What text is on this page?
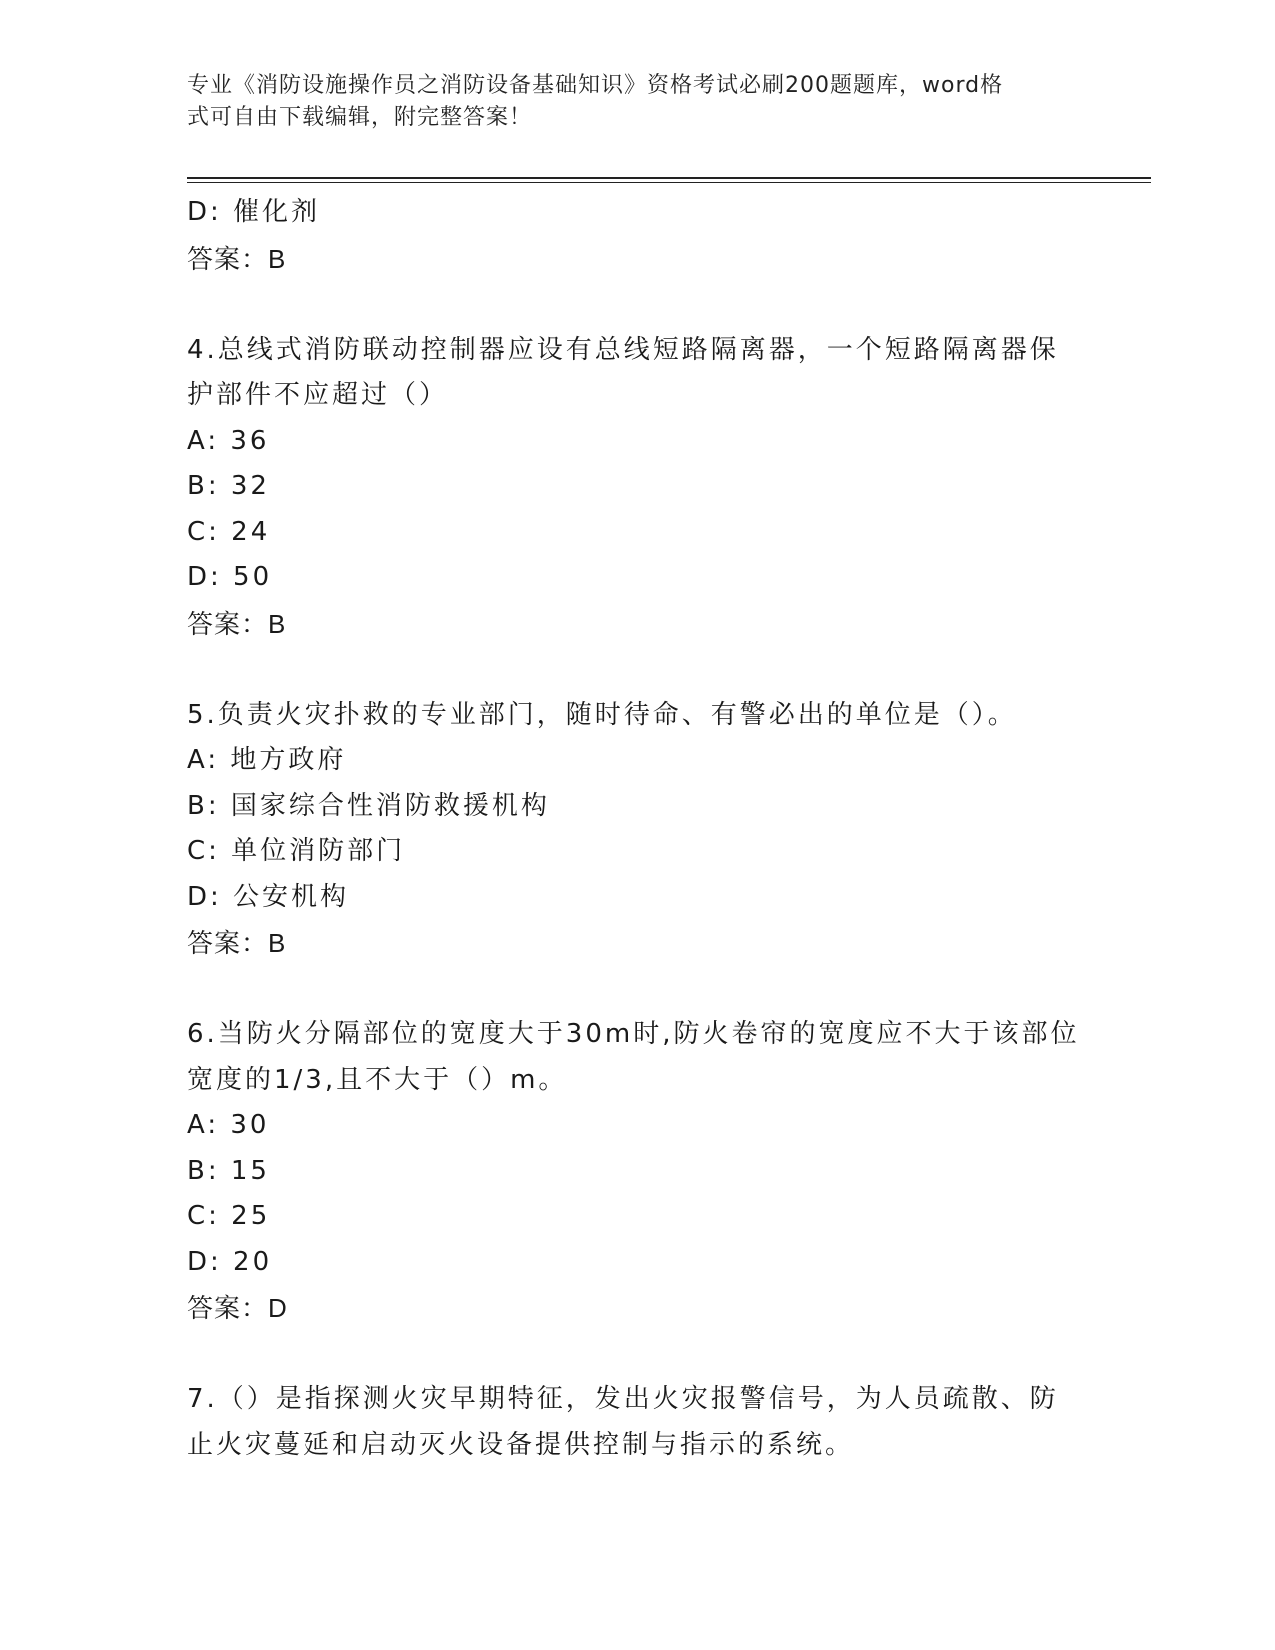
专业《消防设施操作员之消防设备基础知识》资格考试必刷200题题库，word格
式可自由下载编辑，附完整答案！
D: 催化剂
答案：B
4.总线式消防联动控制器应设有总线短路隔离器，一个短路隔离器保
护部件不应超过（）
A: 36
B: 32
C: 24
D: 50
答案：B
5.负责火灾扑救的专业部门，随时待命、有警必出的单位是（）。
A: 地方政府
B: 国家综合性消防救援机构
C: 单位消防部门
D: 公安机构
答案：B
6.当防火分隔部位的宽度大于30m时,防火卷帘的宽度应不大于该部位
宽度的1/3,且不大于（）m。
A: 30
B: 15
C: 25
D: 20
答案：D
7.（）是指探测火灾早期特征，发出火灾报警信号，为人员疏散、防
止火灾蔓延和启动灭火设备提供控制与指示的系统。
